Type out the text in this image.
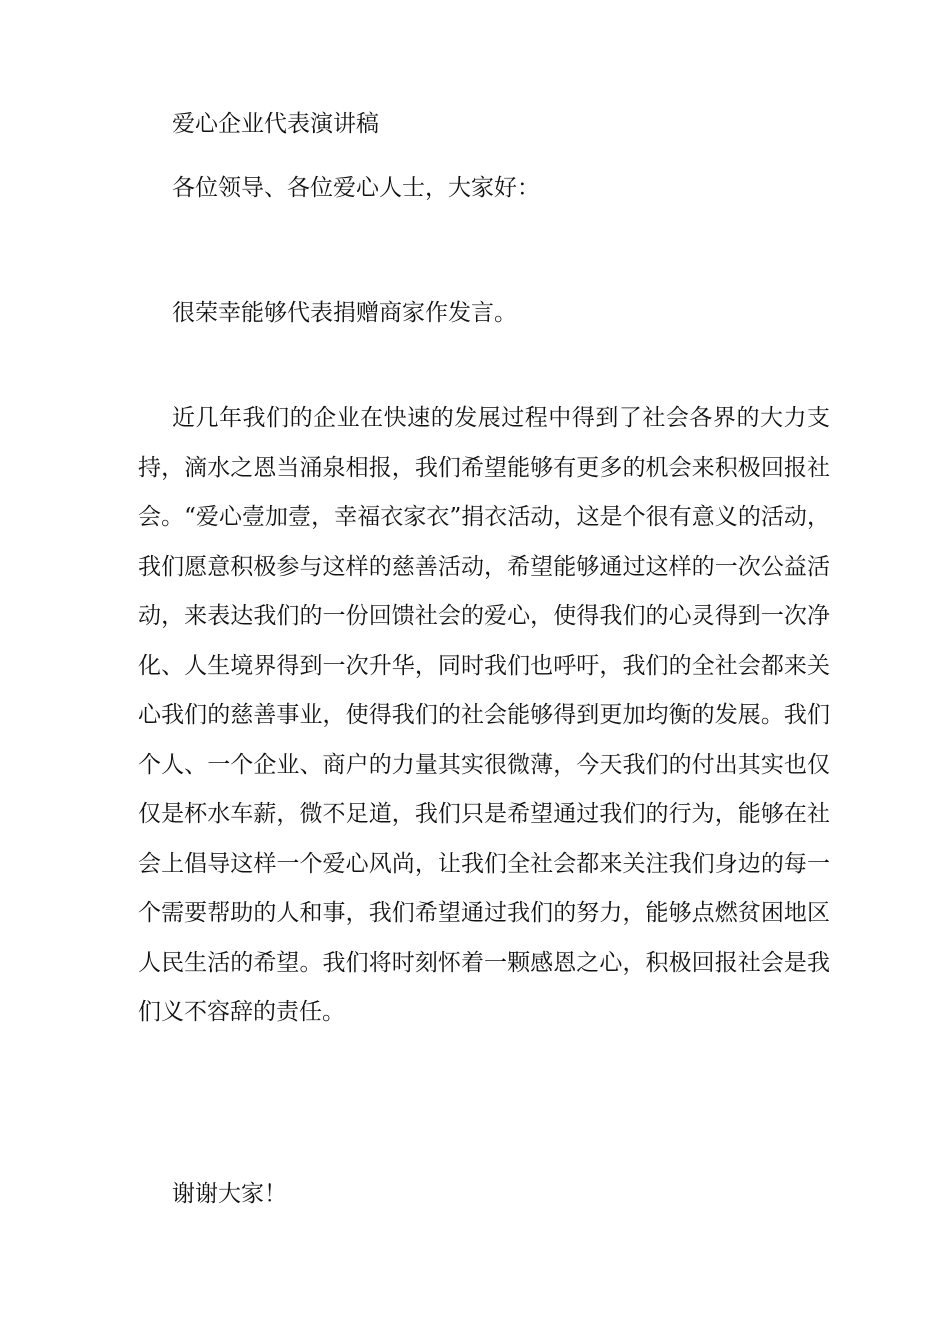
爱心企业代表演讲稿
各位领导、各位爱心人士，大家好：
很荣幸能够代表捐赠商家作发言。
近几年我们的企业在快速的发展过程中得到了社会各界的大力支持，滴水之恩当涌泉相报，我们希望能够有更多的机会来积极回报社会。“爱心壹加壹，幸福衣家衣”捐衣活动，这是个很有意义的活动，我们愿意积极参与这样的慈善活动，希望能够通过这样的一次公益活动，来表达我们的一份回馈社会的爱心，使得我们的心灵得到一次净化、人生境界得到一次升华，同时我们也呼吁，我们的全社会都来关心我们的慈善事业，使得我们的社会能够得到更加均衡的发展。我们个人、一个企业、商户的力量其实很微薄，今天我们的付出其实也仅仅是杯水车薪，微不足道，我们只是希望通过我们的行为，能够在社会上倡导这样一个爱心风尚，让我们全社会都来关注我们身边的每一个需要帮助的人和事，我们希望通过我们的努力，能够点燃贫困地区人民生活的希望。我们将时刻怀着一颗感恩之心，积极回报社会是我们义不容辞的责任。
谢谢大家！
